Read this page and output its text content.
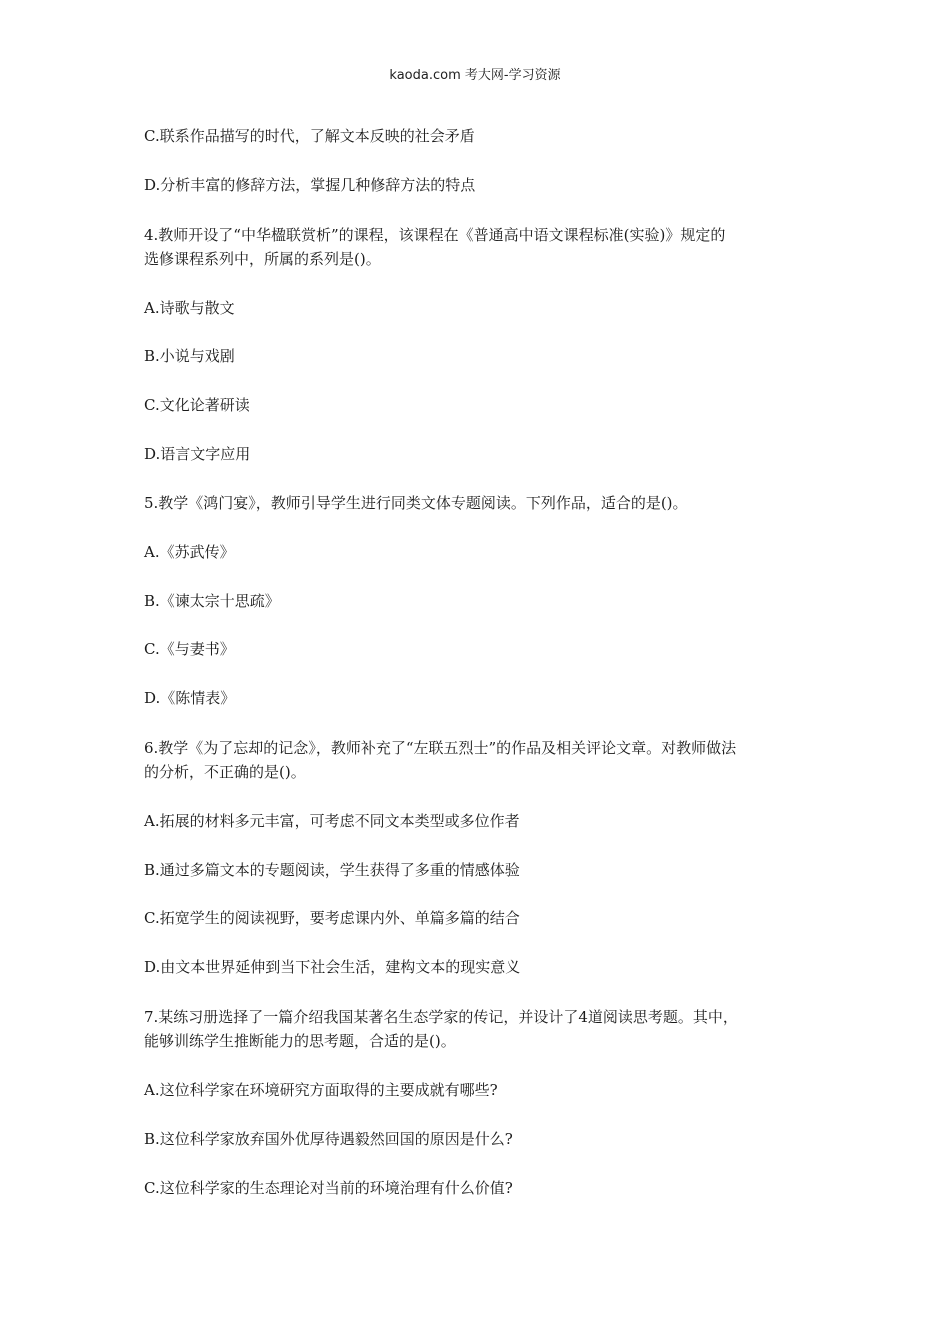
kaoda.com 考大网-学习资源
C.联系作品描写的时代，了解文本反映的社会矛盾
D.分析丰富的修辞方法，掌握几种修辞方法的特点
4.教师开设了“中华楹联赏析”的课程，该课程在《普通高中语文课程标准(实验)》规定的
选修课程系列中，所属的系列是()。
A.诗歌与散文
B.小说与戏剧
C.文化论著研读
D.语言文字应用
5.教学《鸿门宴》，教师引导学生进行同类文体专题阅读。下列作品，适合的是()。
A.《苏武传》
B.《谏太宗十思疏》
C.《与妻书》
D.《陈情表》
6.教学《为了忘却的记念》，教师补充了“左联五烈士”的作品及相关评论文章。对教师做法
的分析，不正确的是()。
A.拓展的材料多元丰富，可考虑不同文本类型或多位作者
B.通过多篇文本的专题阅读，学生获得了多重的情感体验
C.拓宽学生的阅读视野，要考虑课内外、单篇多篇的结合
D.由文本世界延伸到当下社会生活，建构文本的现实意义
7.某练习册选择了一篇介绍我国某著名生态学家的传记，并设计了4道阅读思考题。其中，
能够训练学生推断能力的思考题，合适的是()。
A.这位科学家在环境研究方面取得的主要成就有哪些?
B.这位科学家放弃国外优厚待遇毅然回国的原因是什么?
C.这位科学家的生态理论对当前的环境治理有什么价值?
